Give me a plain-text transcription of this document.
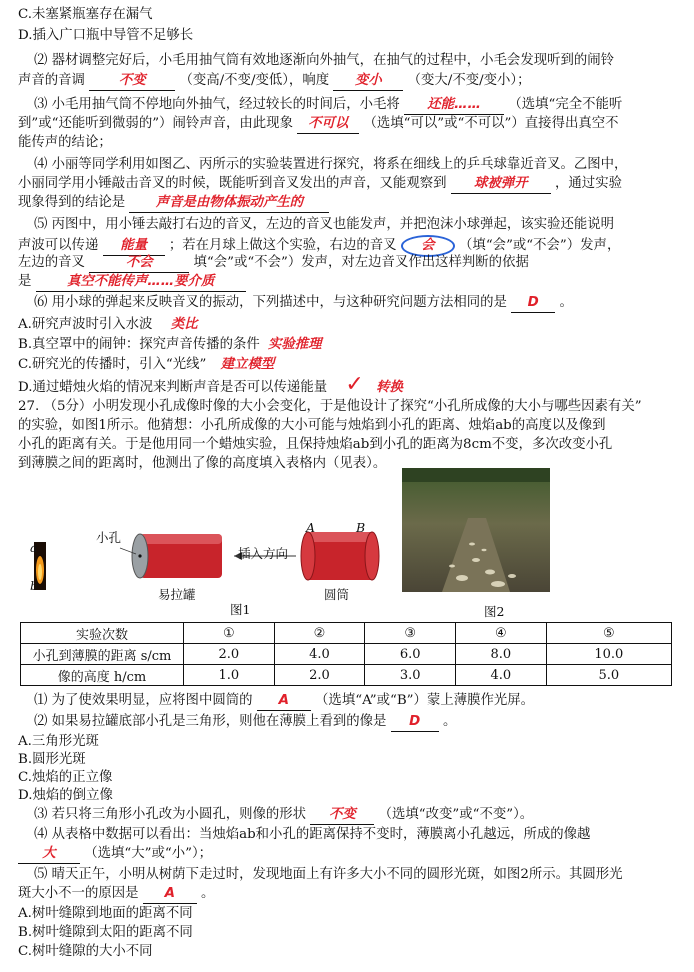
C.未塞紧瓶塞存在漏气
D.插入广口瓶中导管不足够长
⑵ 器材调整完好后，小毛用抽气筒有效地逐渐向外抽气，在抽气的过程中，小毛会发现听到的闹铃
声音的音调	不变	（变高/不变/变低），响度 变小 （变大/不变/变小）；
⑶ 小毛用抽气筒不停地向外抽气，经过较长的时间后，小毛将 还能…… （选填“完全不能听
到”或“还能听到微弱的”）闹铃声音，由此现象 不可以 （选填“可以”或“不可以”）直接得出真空不
能传声的结论；
⑷ 小丽等同学利用如图乙、丙所示的实验装置进行探究，将系在细线上的乒乓球靠近音叉。乙图中，
小丽同学用小锤敲击音叉的时候，既能听到音叉发出的声音，又能观察到 球被弹开 ，通过实验
现象得到的结论是 声音是由物体振动产生的
⑸ 丙图中，用小锤去敲打右边的音叉，左边的音叉也能发声，并把泡沫小球弹起，该实验还能说明
声波可以传递 能量 ；若在月球上做这个实验，右边的音叉 会 （填“会”或“不会”）发声，
左边的音叉	不会	填“会”或“不会”）发声，对左边音叉作出这样判断的依据
是	真空不能传声……要介质
⑹ 用小球的弹起来反映音叉的振动，下列描述中，与这种研究问题方法相同的是 D 。
A.研究声波时引入水波 类比
B.真空罩中的闹钟：探究声音传播的条件 实验推理
C.研究光的传播时，引入“光线” 建立模型
D.通过蜡烛火焰的情况来判断声音是否可以传递能量 ✓ 转换
27. （5分）小明发现小孔成像时像的大小会变化，于是他设计了探究“小孔所成像的大小与哪些因素有关”
的实验，如图1所示。他猜想：小孔所成像的大小可能与烛焰到小孔的距离、烛焰ab的高度以及像到
小孔的距离有关。于是他用同一个蜡烛实验，且保持烛焰ab到小孔的距离为8cm不变，多次改变小孔
到薄膜之间的距离时，他测出了像的高度填入表格内（见表）。
a
b
小孔
易拉罐
插入方向
A	B
圆筒
图1	图2
实验次数	①	②	③	④	⑤
小孔到薄膜的距离 s/cm	2.0	4.0	6.0	8.0	10.0
像的高度 h/cm	1.0	2.0	3.0	4.0	5.0
⑴ 为了使效果明显，应将图中圆筒的 A （选填“A”或“B”）蒙上薄膜作光屏。
⑵ 如果易拉罐底部小孔是三角形，则他在薄膜上看到的像是 D 。
A.三角形光斑
B.圆形光斑
C.烛焰的正立像
D.烛焰的倒立像
⑶ 若只将三角形小孔改为小圆孔，则像的形状 不变 （选填“改变”或“不变”）。
⑷ 从表格中数据可以看出：当烛焰ab和小孔的距离保持不变时，薄膜离小孔越远，所成的像越
大 （选填“大”或“小”）；
⑸ 晴天正午，小明从树荫下走过时，发现地面上有许多大小不同的圆形光斑，如图2所示。其圆形光
斑大小不一的原因是 A 。
A.树叶缝隙到地面的距离不同
B.树叶缝隙到太阳的距离不同
C.树叶缝隙的大小不同
